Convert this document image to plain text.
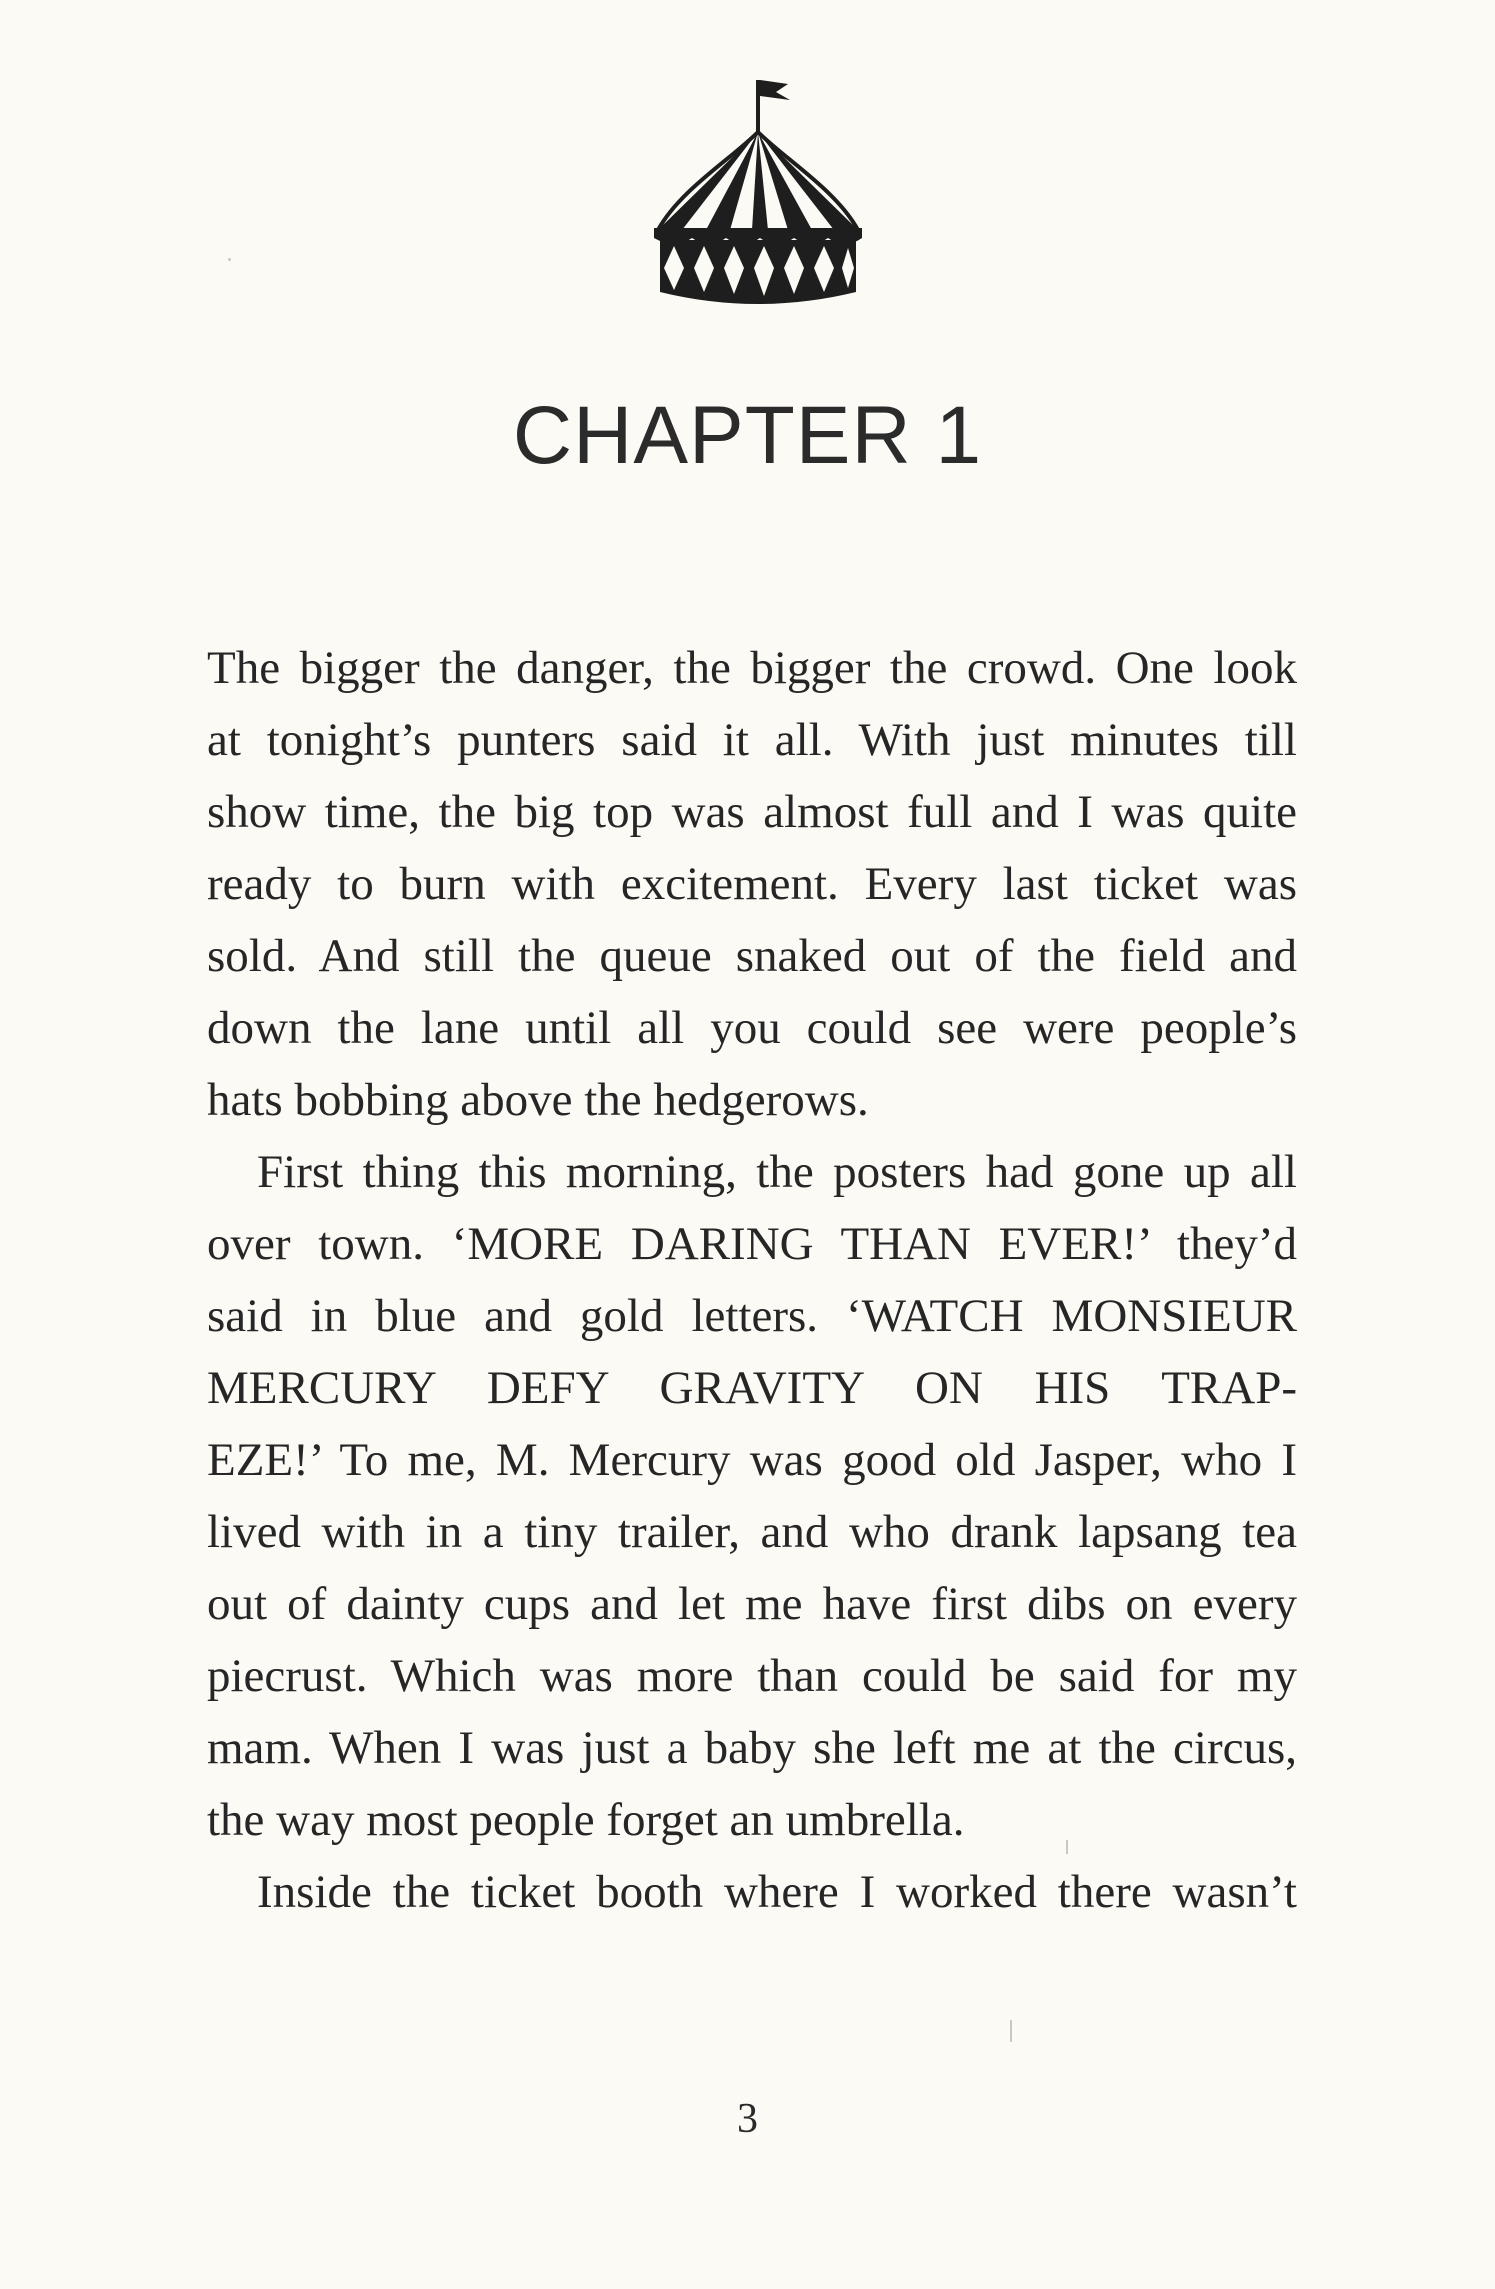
CHAPTER 1
The bigger the danger, the bigger the crowd. One look
at tonight’s punters said it all. With just minutes till
show time, the big top was almost full and I was quite
ready to burn with excitement. Every last ticket was
sold. And still the queue snaked out of the field and
down the lane until all you could see were people’s
hats bobbing above the hedgerows.
First thing this morning, the posters had gone up all
over town. ‘MORE DARING THAN EVER!’ they’d
said in blue and gold letters. ‘WATCH MONSIEUR
MERCURY DEFY GRAVITY ON HIS TRAP-
EZE!’ To me, M. Mercury was good old Jasper, who I
lived with in a tiny trailer, and who drank lapsang tea
out of dainty cups and let me have first dibs on every
piecrust. Which was more than could be said for my
mam. When I was just a baby she left me at the circus,
the way most people forget an umbrella.
Inside the ticket booth where I worked there wasn’t
3
